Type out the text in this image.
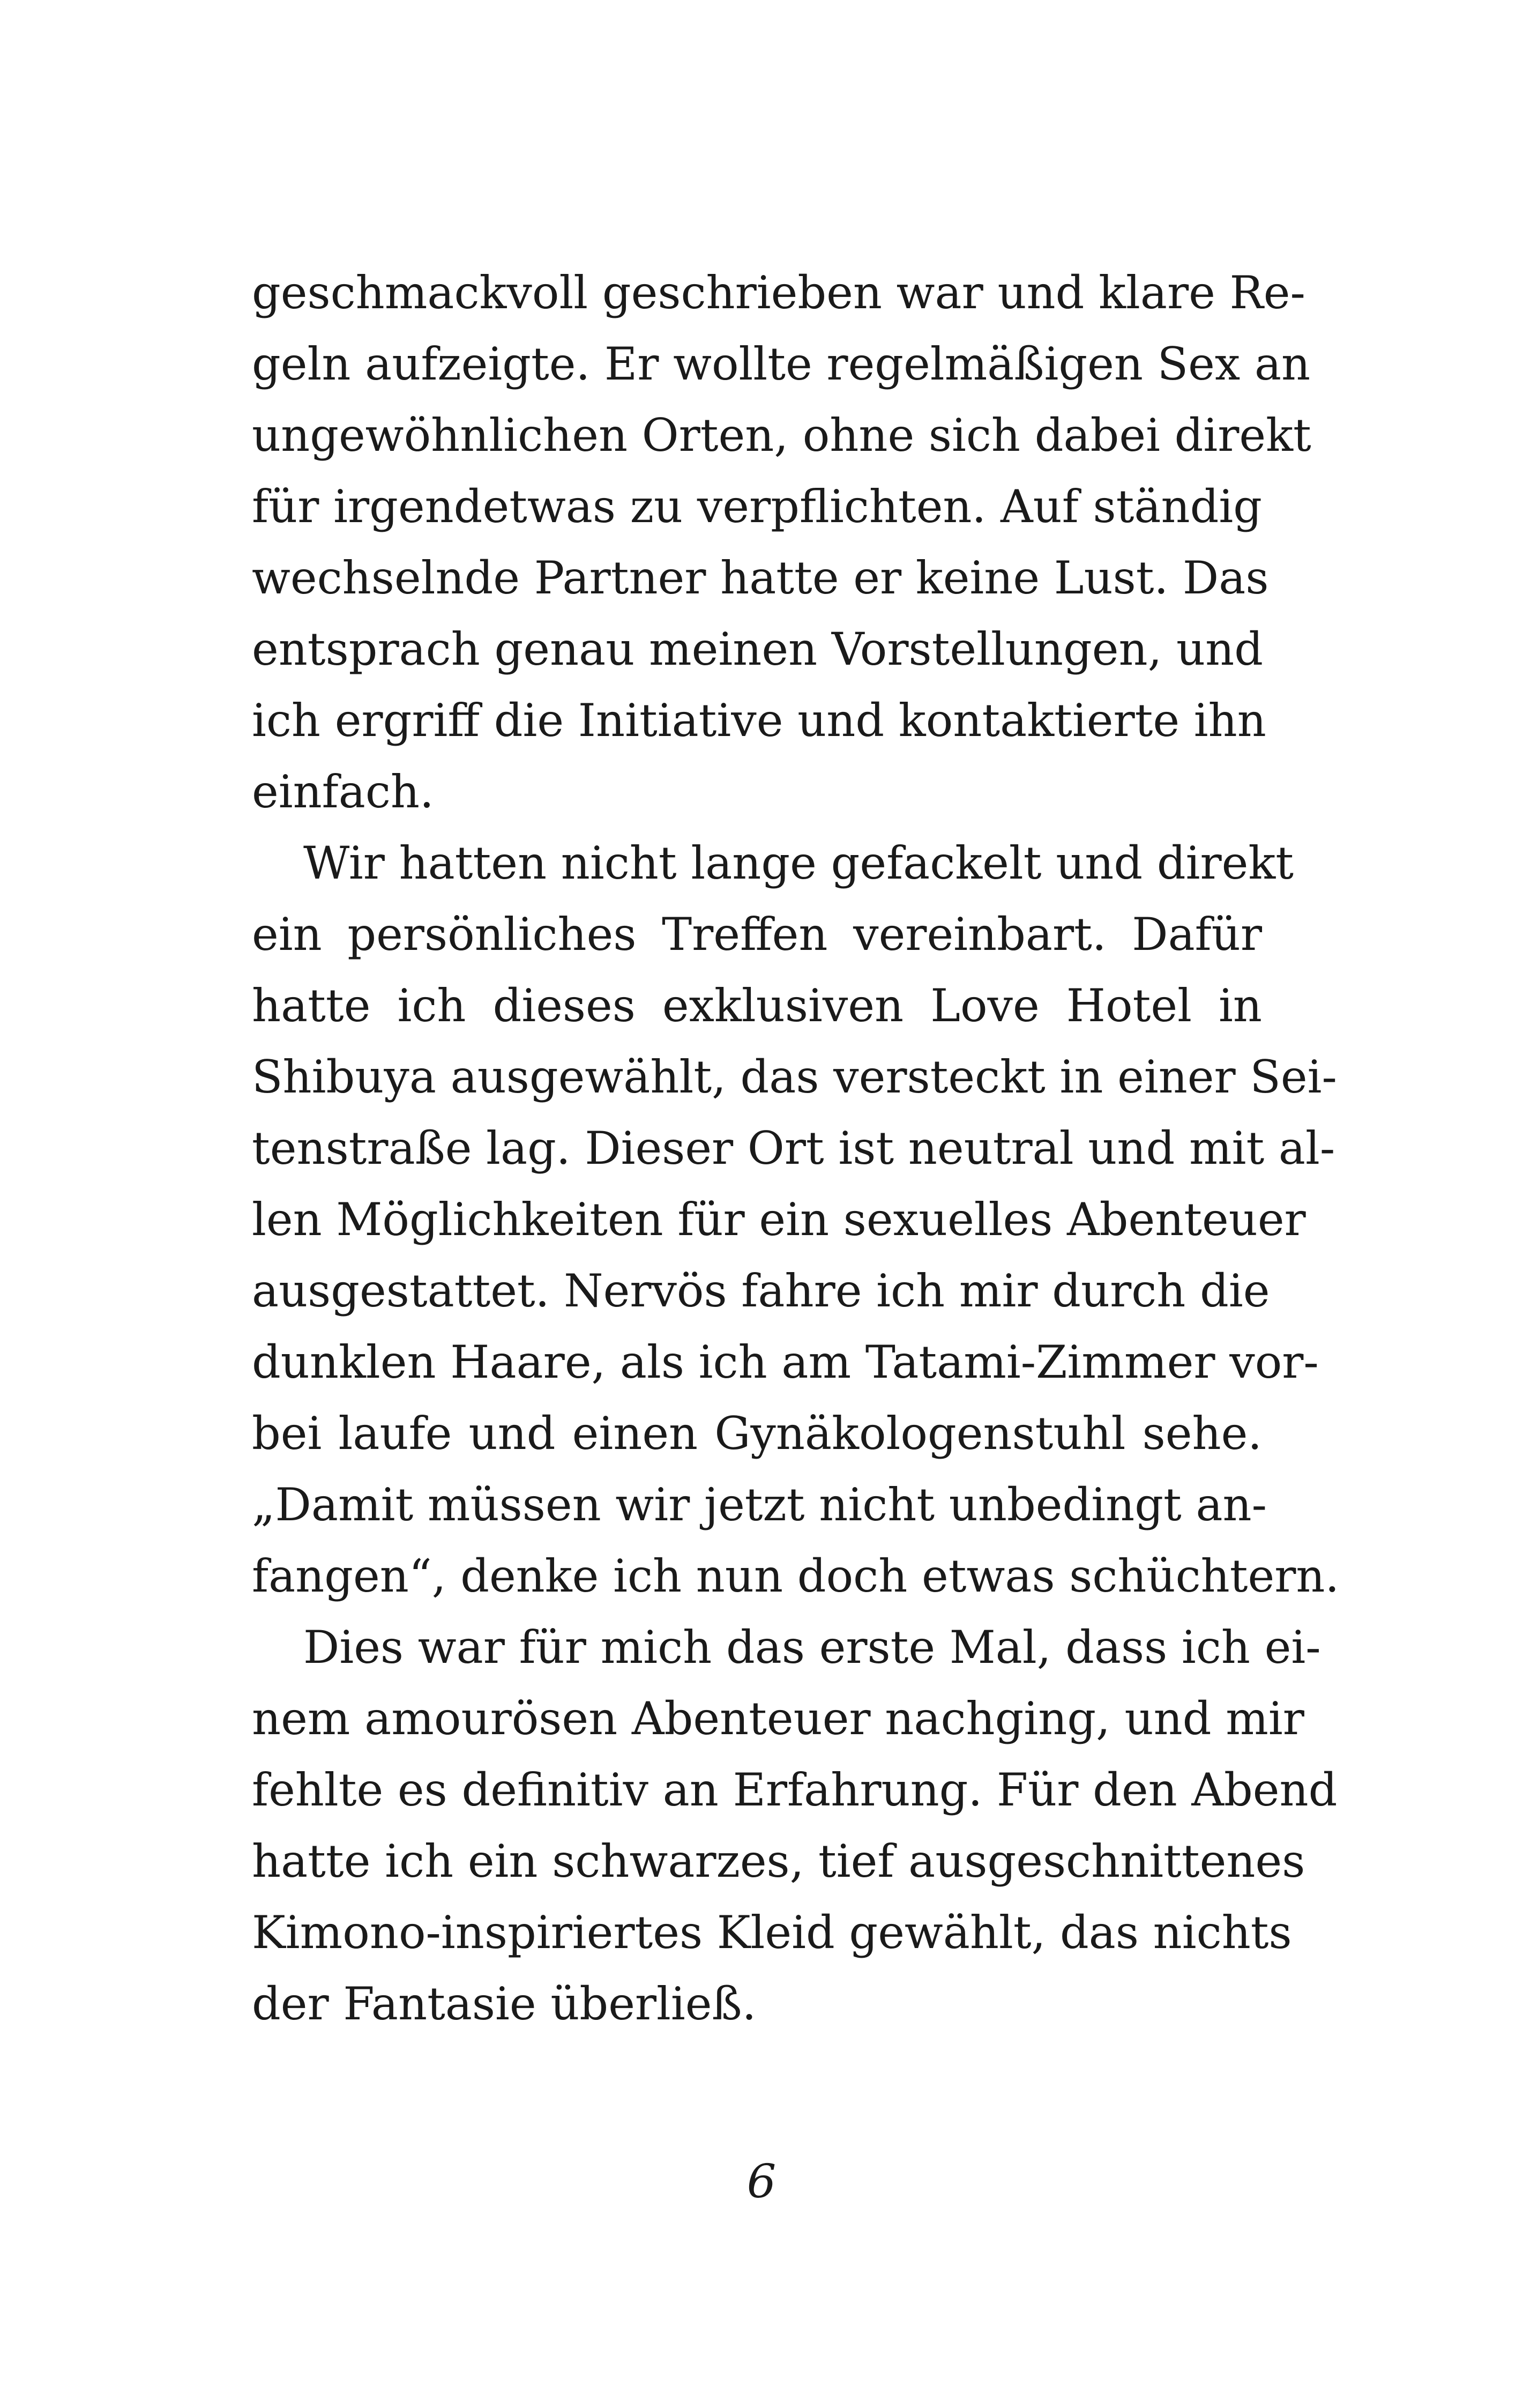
geschmackvoll geschrieben war und klare Re-
geln aufzeigte. Er wollte regelmäßigen Sex an
ungewöhnlichen Orten, ohne sich dabei direkt
für irgendetwas zu verpflichten. Auf ständig
wechselnde Partner hatte er keine Lust. Das
entsprach genau meinen Vorstellungen, und
ich ergriff die Initiative und kontaktierte ihn
einfach.
Wir hatten nicht lange gefackelt und direkt
ein persönliches Treffen vereinbart. Dafür
hatte ich dieses exklusiven Love Hotel in
Shibuya ausgewählt, das versteckt in einer Sei-
tenstraße lag. Dieser Ort ist neutral und mit al-
len Möglichkeiten für ein sexuelles Abenteuer
ausgestattet. Nervös fahre ich mir durch die
dunklen Haare, als ich am Tatami-Zimmer vor-
bei laufe und einen Gynäkologenstuhl sehe.
„Damit müssen wir jetzt nicht unbedingt an-
fangen“, denke ich nun doch etwas schüchtern.
Dies war für mich das erste Mal, dass ich ei-
nem amourösen Abenteuer nachging, und mir
fehlte es definitiv an Erfahrung. Für den Abend
hatte ich ein schwarzes, tief ausgeschnittenes
Kimono-inspiriertes Kleid gewählt, das nichts
der Fantasie überließ.
6
